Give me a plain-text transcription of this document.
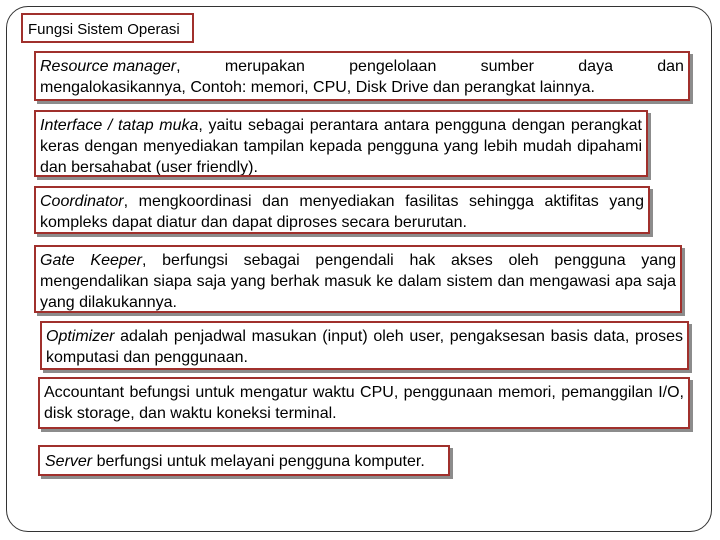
Fungsi Sistem Operasi
Resource manager,	merupakan	pengelolaan	sumber	daya	dan
mengalokasikannya, Contoh: memori, CPU, Disk Drive dan perangkat lainnya.
Interface / tatap muka, yaitu sebagai perantara antara pengguna dengan perangkat keras dengan menyediakan tampilan kepada pengguna yang lebih mudah dipahami dan bersahabat (user friendly).
Coordinator, mengkoordinasi dan menyediakan fasilitas sehingga aktifitas yang kompleks dapat diatur dan dapat diproses secara berurutan.
Gate Keeper, berfungsi sebagai pengendali hak akses oleh pengguna yang mengendalikan siapa saja yang berhak masuk ke dalam sistem dan mengawasi apa saja yang dilakukannya.
Optimizer adalah penjadwal masukan (input) oleh user, pengaksesan basis data, proses komputasi dan penggunaan.
Accountant befungsi untuk mengatur waktu CPU, penggunaan memori, pemanggilan I/O, disk storage, dan waktu koneksi terminal.
Server berfungsi untuk melayani pengguna komputer.
